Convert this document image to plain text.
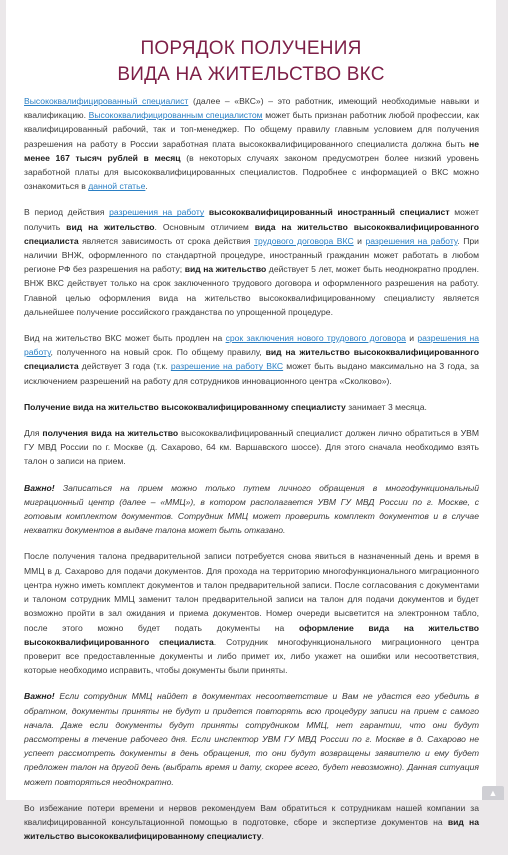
ПОРЯДОК ПОЛУЧЕНИЯ
ВИДА НА ЖИТЕЛЬСТВО ВКС

Высококвалифицированный специалист (далее – «ВКС») – это работник, имеющий необходимые навыки и квалификацию. Высококвалифицированным специалистом может быть признан работник любой профессии, как квалифицированный рабочий, так и топ-менеджер. По общему правилу главным условием для получения разрешения на работу в России заработная плата высококвалифицированного специалиста должна быть не менее 167 тысяч рублей в месяц (в некоторых случаях законом предусмотрен более низкий уровень заработной платы для высококвалифицированных специалистов. Подробнее с информацией о ВКС можно ознакомиться в данной статье.

В период действия разрешения на работу высококвалифицированный иностранный специалист может получить вид на жительство. Основным отличием вида на жительство высококвалифицированного специалиста является зависимость от срока действия трудового договора ВКС и разрешения на работу. При наличии ВНЖ, оформленного по стандартной процедуре, иностранный гражданин может работать в любом регионе РФ без разрешения на работу; вид на жительство действует 5 лет, может быть неоднократно продлен. ВНЖ ВКС действует только на срок заключенного трудового договора и оформленного разрешения на работу. Главной целью оформления вида на жительство высококвалифицированному специалисту является дальнейшее получение российского гражданства по упрощенной процедуре.

Вид на жительство ВКС может быть продлен на срок заключения нового трудового договора и разрешения на работу, полученного на новый срок. По общему правилу, вид на жительство высококвалифицированного специалиста действует 3 года (т.к. разрешение на работу ВКС может быть выдано максимально на 3 года, за исключением разрешений на работу для сотрудников инновационного центра «Сколково»).

Получение вида на жительство высококвалифицированному специалисту занимает 3 месяца.

Для получения вида на жительство высококвалифицированный специалист должен лично обратиться в УВМ ГУ МВД России по г. Москве (д. Сахарово, 64 км. Варшавского шоссе). Для этого сначала необходимо взять талон о записи на прием.

Важно! Записаться на прием можно только путем личного обращения в многофункциональный миграционный центр (далее – «ММЦ»), в котором располагается УВМ ГУ МВД России по г. Москве, с готовым комплектом документов. Сотрудник ММЦ может проверить комплект документов и в случае нехватки документов в выдаче талона может быть отказано.

После получения талона предварительной записи потребуется снова явиться в назначенный день и время в ММЦ в д. Сахарово для подачи документов. Для прохода на территорию многофункционального миграционного центра нужно иметь комплект документов и талон предварительной записи. После согласования с документами и талоном сотрудник ММЦ заменит талон предварительной записи на талон для подачи документов и будет возможно пройти в зал ожидания и приема документов. Номер очереди высветится на электронном табло, после этого можно будет подать документы на оформление вида на жительство высококвалифицированного специалиста. Сотрудник многофункционального миграционного центра проверит все предоставленные документы и либо примет их, либо укажет на ошибки или несоответствия, которые необходимо исправить, чтобы документы были приняты.

Важно! Если сотрудник ММЦ найдет в документах несоответствие и Вам не удастся его убедить в обратном, документы приняты не будут и придется повторять всю процедуру записи на прием с самого начала. Даже если документы будут приняты сотрудником ММЦ, нет гарантии, что они будут рассмотрены в течение рабочего дня. Если инспектор УВМ ГУ МВД России по г. Москве в д. Сахарово не успеет рассмотреть документы в день обращения, то они будут возвращены заявителю и ему будет предложен талон на другой день (выбрать время и дату, скорее всего, будет невозможно). Данная ситуация может повторяться неоднократно.

Во избежание потери времени и нервов рекомендуем Вам обратиться к сотрудникам нашей компании за квалифицированной консультационной помощью в подготовке, сборе и экспертизе документов на вид на жительство высококвалифицированному специалисту.

▲
